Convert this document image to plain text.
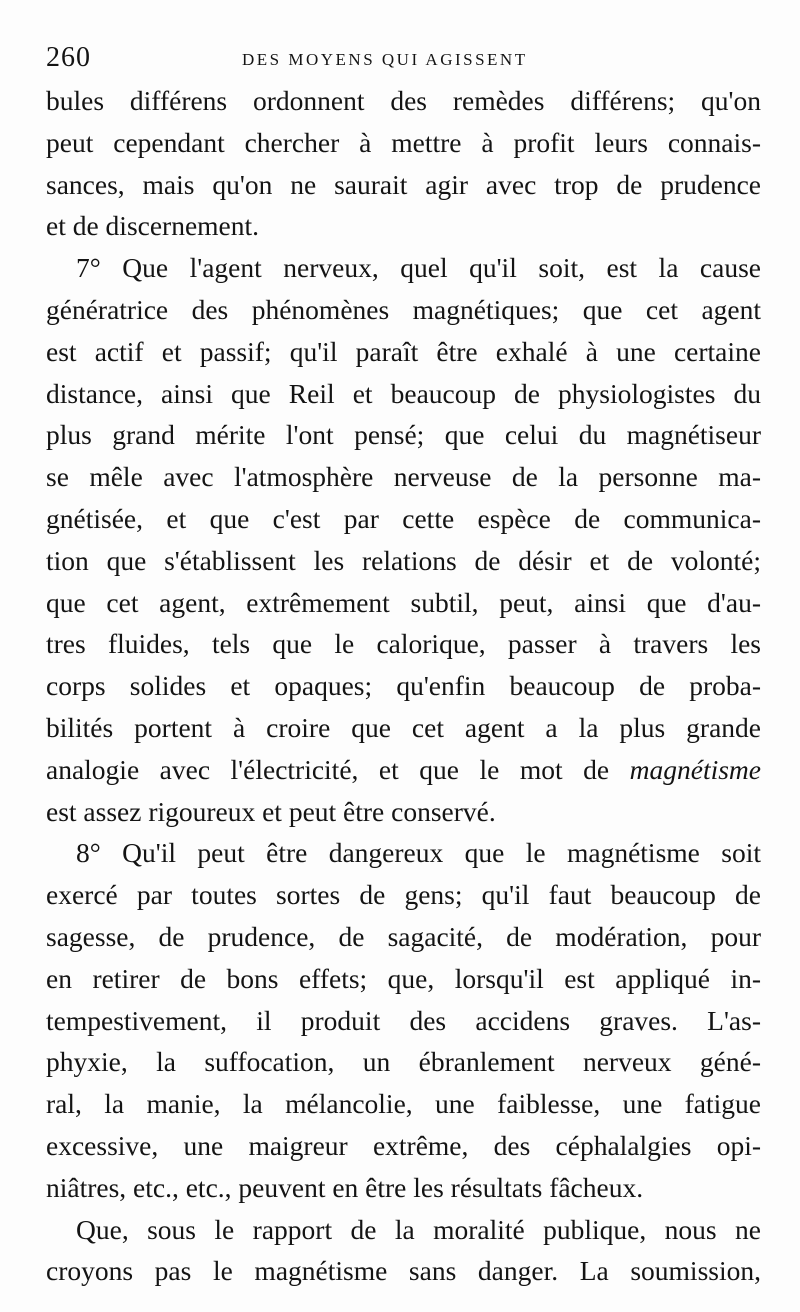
260	DES MOYENS QUI AGISSENT
bules différens ordonnent des remèdes différens; qu'on
peut cependant chercher à mettre à profit leurs connais-
sances, mais qu'on ne saurait agir avec trop de prudence
et de discernement.
7° Que l'agent nerveux, quel qu'il soit, est la cause
génératrice des phénomènes magnétiques; que cet agent
est actif et passif; qu'il paraît être exhalé à une certaine
distance, ainsi que Reil et beaucoup de physiologistes du
plus grand mérite l'ont pensé; que celui du magnétiseur
se mêle avec l'atmosphère nerveuse de la personne ma-
gnétisée, et que c'est par cette espèce de communica-
tion que s'établissent les relations de désir et de volonté;
que cet agent, extrêmement subtil, peut, ainsi que d'au-
tres fluides, tels que le calorique, passer à travers les
corps solides et opaques; qu'enfin beaucoup de proba-
bilités portent à croire que cet agent a la plus grande
analogie avec l'électricité, et que le mot de magnétisme
est assez rigoureux et peut être conservé.
8° Qu'il peut être dangereux que le magnétisme soit
exercé par toutes sortes de gens; qu'il faut beaucoup de
sagesse, de prudence, de sagacité, de modération, pour
en retirer de bons effets; que, lorsqu'il est appliqué in-
tempestivement, il produit des accidens graves. L'as-
phyxie, la suffocation, un ébranlement nerveux géné-
ral, la manie, la mélancolie, une faiblesse, une fatigue
excessive, une maigreur extrême, des céphalalgies opi-
niâtres, etc., etc., peuvent en être les résultats fâcheux.
Que, sous le rapport de la moralité publique, nous ne
croyons pas le magnétisme sans danger. La soumission,
